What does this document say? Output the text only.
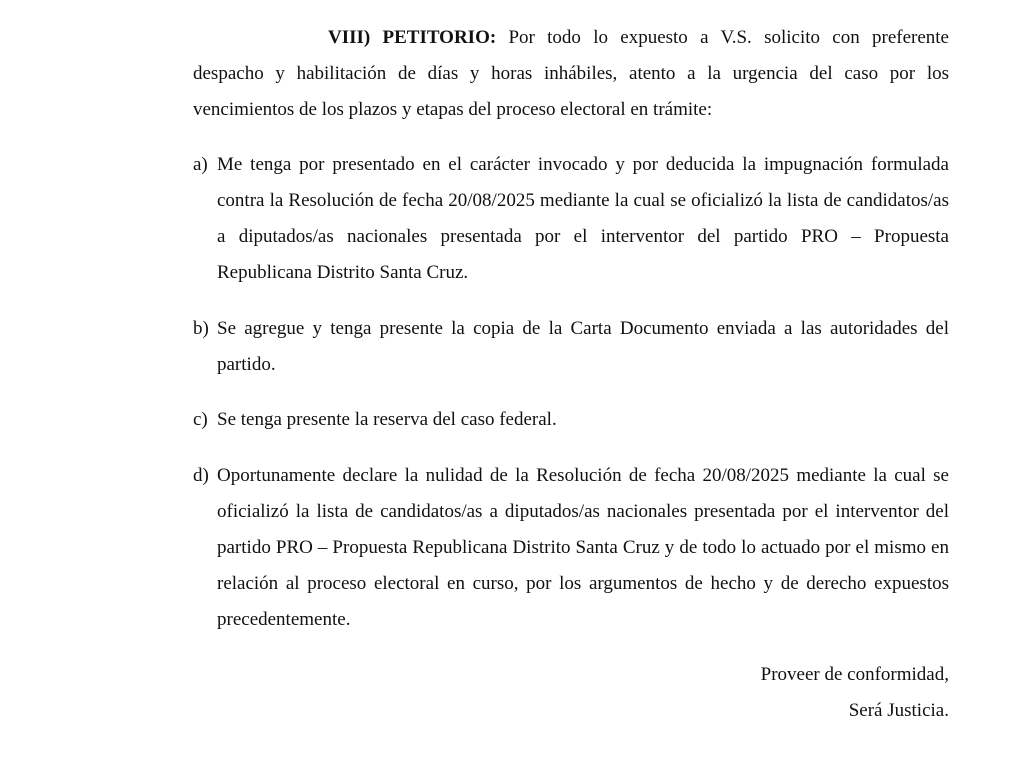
VIII) PETITORIO: Por todo lo expuesto a V.S. solicito con preferente despacho y habilitación de días y horas inhábiles, atento a la urgencia del caso por los vencimientos de los plazos y etapas del proceso electoral en trámite:

a) Me tenga por presentado en el carácter invocado y por deducida la impugnación formulada contra la Resolución de fecha 20/08/2025 mediante la cual se oficializó la lista de candidatos/as a diputados/as nacionales presentada por el interventor del partido PRO – Propuesta Republicana Distrito Santa Cruz.
b) Se agregue y tenga presente la copia de la Carta Documento enviada a las autoridades del partido.
c) Se tenga presente la reserva del caso federal.
d) Oportunamente declare la nulidad de la Resolución de fecha 20/08/2025 mediante la cual se oficializó la lista de candidatos/as a diputados/as nacionales presentada por el interventor del partido PRO – Propuesta Republicana Distrito Santa Cruz y de todo lo actuado por el mismo en relación al proceso electoral en curso, por los argumentos de hecho y de derecho expuestos precedentemente.
Proveer de conformidad,
Será Justicia.
